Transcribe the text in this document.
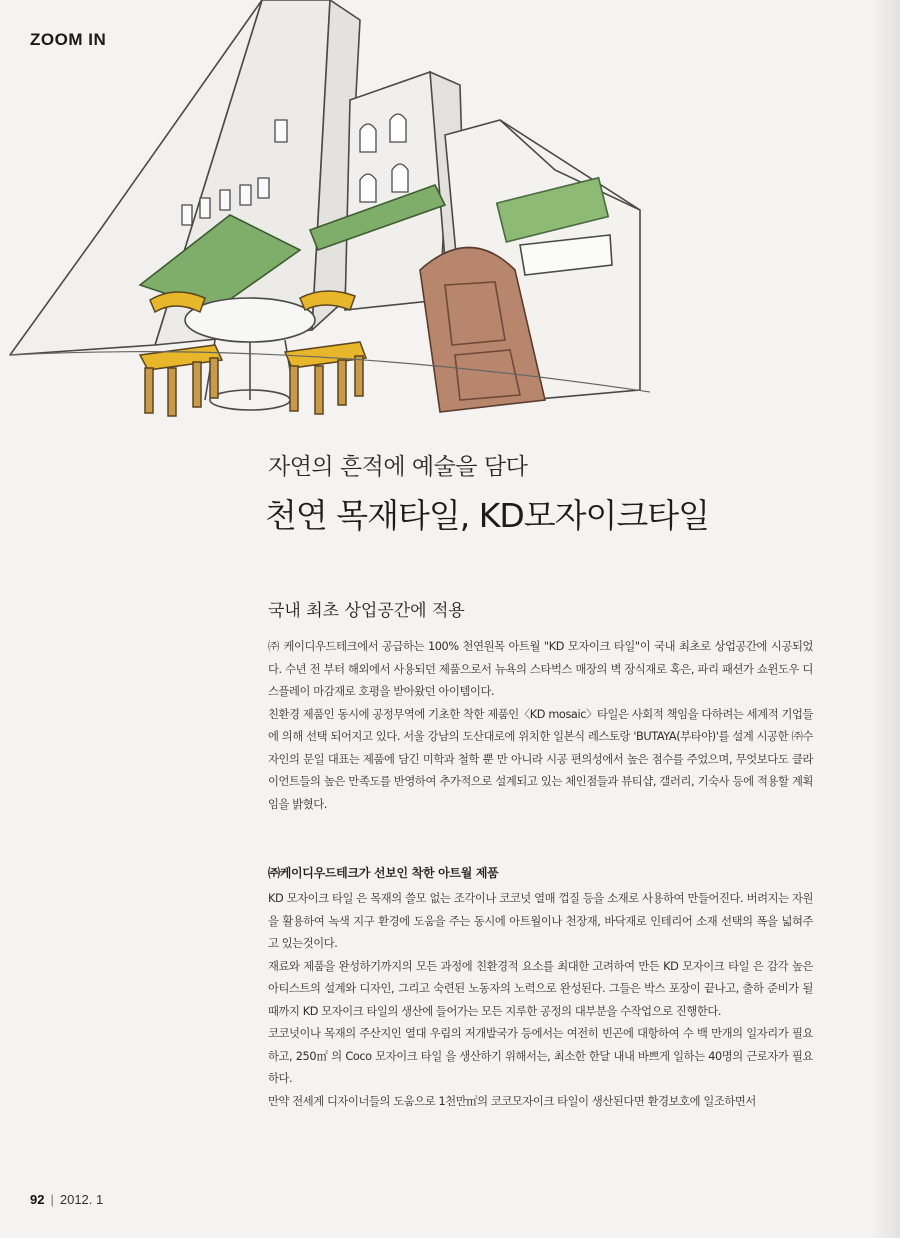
ZOOM IN
자연의 흔적에 예술을 담다
천연 목재타일, KD모자이크타일
국내 최초 상업공간에 적용

㈜ 케이디우드테크에서 공급하는 100% 천연원목 아트월 "KD 모자이크 타일"이 국내 최초로 상업공간에 시공되었다. 수년 전 부터 해외에서 사용되던 제품으로서 뉴욕의 스타벅스 매장의 벽 장식재로 혹은, 파리 패션가 쇼윈도우 디스플레이 마감재로 호평을 받아왔던 아이템이다.

친환경 제품인 동시에 공정무역에 기초한 착한 제품인〈KD mosaic〉타일은 사회적 책임을 다하려는 세계적 기업들에 의해 선택 되어지고 있다. 서울 강남의 도산대로에 위치한 일본식 레스토랑 'BUTAYA(부타야)'를 설계 시공한 ㈜수자인의 문일 대표는 제품에 담긴 미학과 철학 뿐 만 아니라 시공 편의성에서 높은 점수를 주었으며, 무엇보다도 클라이언트들의 높은 만족도를 반영하여 추가적으로 설계되고 있는 체인점들과 뷰티샵, 갤러리, 기숙사 등에 적용할 계획임을 밝혔다.

㈜케이디우드테크가 선보인 착한 아트월 제품

KD 모자이크 타일 은 목재의 쓸모 없는 조각이나 코코넛 열매 껍질 등을 소재로 사용하여 만들어진다. 버려지는 자원을 활용하여 녹색 지구 환경에 도움을 주는 동시에 아트월이나 천장재, 바닥재로 인테리어 소재 선택의 폭을 넓혀주고 있는것이다.

재료와 제품을 완성하기까지의 모든 과정에 친환경적 요소를 최대한 고려하여 만든 KD 모자이크 타일 은 감각 높은 아티스트의 설계와 디자인, 그리고 숙련된 노동자의 노력으로 완성된다. 그들은 박스 포장이 끝나고, 출하 준비가 될 때까지 KD 모자이크 타일의 생산에 들어가는 모든 지루한 공정의 대부분을 수작업으로 진행한다.

코코넛이나 목재의 주산지인 열대 우림의 저개발국가 등에서는 여전히 빈곤에 대항하여 수 백 만개의 일자리가 필요하고, 250㎡ 의 Coco 모자이크 타일 을 생산하기 위해서는, 최소한 한달 내내 바쁘게 일하는 40명의 근로자가 필요하다.

만약 전세계 디자이너들의 도움으로 1천만㎡의 코코모자이크 타일이 생산된다면 환경보호에 일조하면서

92 | 2012. 1
